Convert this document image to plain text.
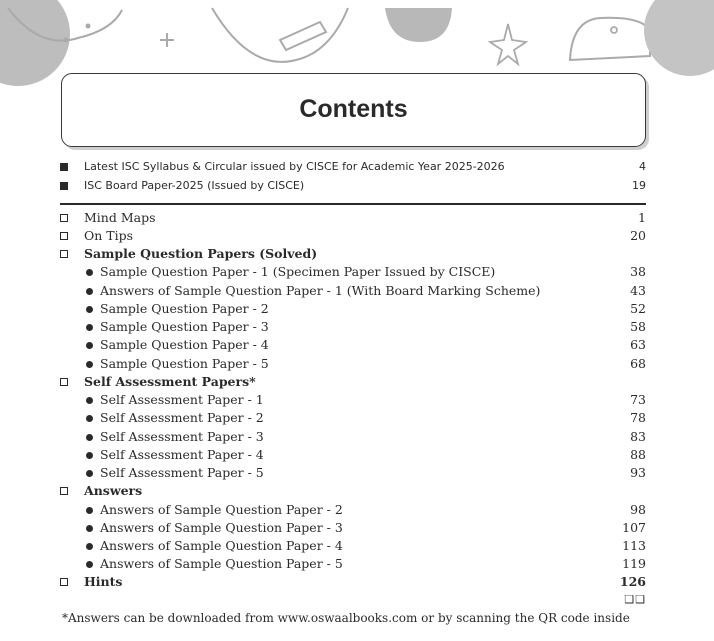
Contents
Latest ISC Syllabus & Circular issued by CISCE for Academic Year 2025-2026	4
ISC Board Paper-2025 (Issued by CISCE)	19
Mind Maps	1
On Tips	20
Sample Question Papers (Solved)
Sample Question Paper - 1 (Specimen Paper Issued by CISCE)	38
Answers of Sample Question Paper - 1 (With Board Marking Scheme)	43
Sample Question Paper - 2	52
Sample Question Paper - 3	58
Sample Question Paper - 4	63
Sample Question Paper - 5	68
Self Assessment Papers*
Self Assessment Paper - 1	73
Self Assessment Paper - 2	78
Self Assessment Paper - 3	83
Self Assessment Paper - 4	88
Self Assessment Paper - 5	93
Answers
Answers of Sample Question Paper - 2	98
Answers of Sample Question Paper - 3	107
Answers of Sample Question Paper - 4	113
Answers of Sample Question Paper - 5	119
Hints	126
❑❑
*Answers can be downloaded from www.oswaalbooks.com or by scanning the QR code inside
